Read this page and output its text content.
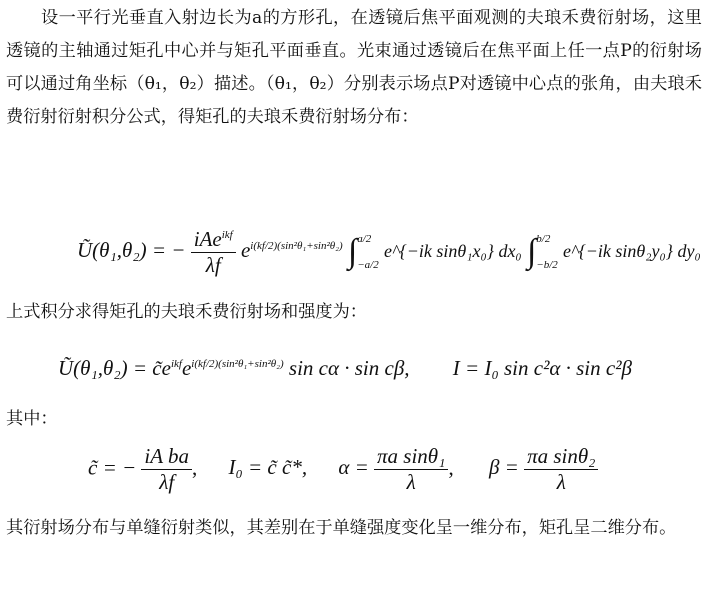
设一平行光垂直入射边长为a的方形孔，在透镜后焦平面观测的夫琅禾费衍射场，这里透镜的主轴通过矩孔中心并与矩孔平面垂直。光束通过透镜后在焦平面上任一点P的衍射场可以通过角坐标（θ₁，θ₂）描述。（θ₁，θ₂）分别表示场点P对透镜中心点的张角，由夫琅禾费衍射衍射积分公式，得矩孔的夫琅禾费衍射场分布：
Ũ(θ₁,θ₂) = − $\frac{iAe^{ikf}}{\lambda f} e^{i(kf/2)(sin^2\theta_1+sin^2\theta_2)}$ ∫ a/2
−a/2
e^{−ik sinθ₁x₀} dx₀ ∫ b/2
−b/2
e^{−ik sinθ₂y₀} dy₀
上式积分求得矩孔的夫琅禾费衍射场和强度为：
Ũ(θ₁,θ₂) = $c̃e^{ikf}e^{i(kf/2)(sin^2\theta_1+sin^2\theta_2)}$ sin cα · sin cβ, I = I₀ sin c²α · sin c²β
其中：
c̃ = − $\frac{\text{iA ba}}{\lambda f}$ , I₀ = c̃ c̃*, $\alpha = \frac{\text{πa sinθ₁}}{\lambda}$ , $\beta = \frac{\text{πa sinθ₂}}{\lambda}$
其衍射场分布与单缝衍射类似，其差别在于单缝强度变化呈一维分布，矩孔呈二维分布。
